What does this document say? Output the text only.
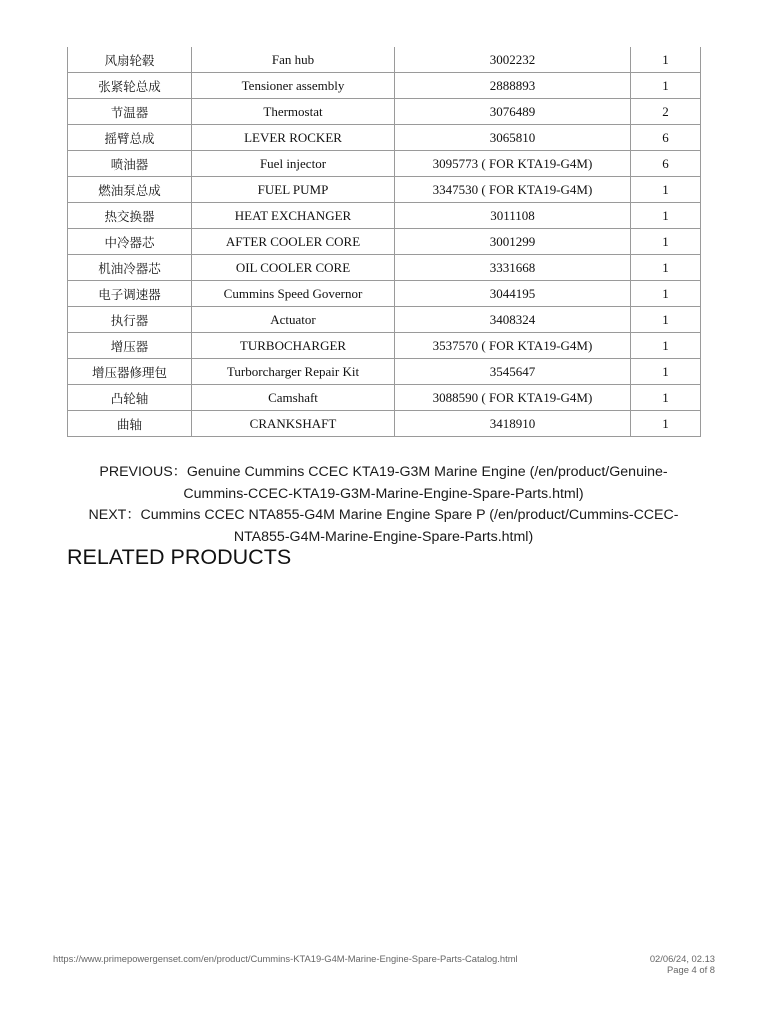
风扇轮毂	Fan hub	3002232	1
张紧轮总成	Tensioner assembly	2888893	1
节温器	Thermostat	3076489	2
摇臂总成	LEVER ROCKER	3065810	6
喷油器	Fuel injector	3095773 ( FOR KTA19-G4M)	6
燃油泵总成	FUEL PUMP	3347530 ( FOR KTA19-G4M)	1
热交换器	HEAT EXCHANGER	3011108	1
中冷器芯	AFTER COOLER CORE	3001299	1
机油冷器芯	OIL COOLER CORE	3331668	1
电子调速器	Cummins Speed Governor	3044195	1
执行器	Actuator	3408324	1
增压器	TURBOCHARGER	3537570 ( FOR KTA19-G4M)	1
增压器修理包	Turborcharger Repair Kit	3545647	1
凸轮轴	Camshaft	3088590 ( FOR KTA19-G4M)	1
曲轴	CRANKSHAFT	3418910	1
PREVIOUS：Genuine Cummins CCEC KTA19-G3M Marine Engine (/en/product/Genuine-
Cummins-CCEC-KTA19-G3M-Marine-Engine-Spare-Parts.html)
NEXT：Cummins CCEC NTA855-G4M Marine Engine Spare P (/en/product/Cummins-CCEC-
NTA855-G4M-Marine-Engine-Spare-Parts.html)
RELATED PRODUCTS
https://www.primepowergenset.com/en/product/Cummins-KTA19-G4M-Marine-Engine-Spare-Parts-Catalog.html	02/06/24, 02.13
Page 4 of 8
